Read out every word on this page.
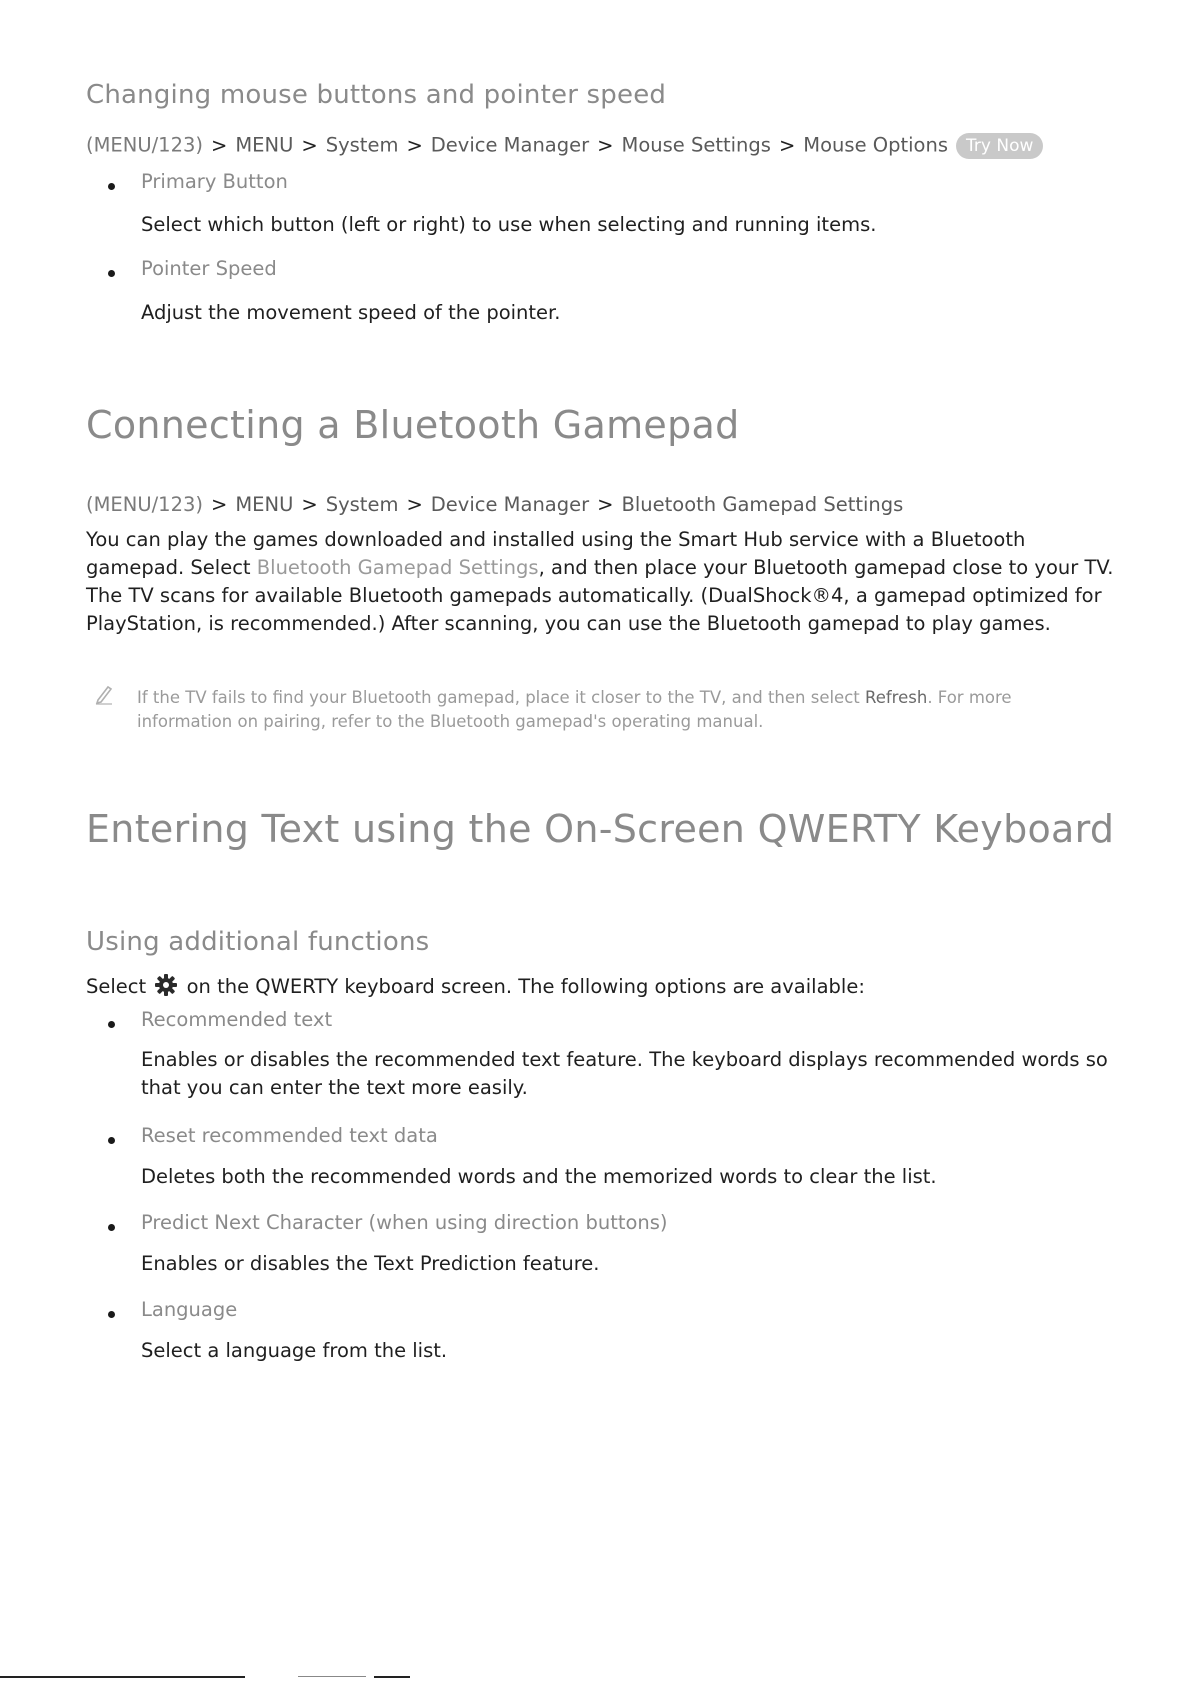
Changing mouse buttons and pointer speed
(MENU/123) > MENU > System > Device Manager > Mouse Settings > Mouse Options Try Now
Primary Button
Select which button (left or right) to use when selecting and running items.
Pointer Speed
Adjust the movement speed of the pointer.
Connecting a Bluetooth Gamepad
(MENU/123) > MENU > System > Device Manager > Bluetooth Gamepad Settings
You can play the games downloaded and installed using the Smart Hub service with a Bluetooth gamepad. Select Bluetooth Gamepad Settings, and then place your Bluetooth gamepad close to your TV. The TV scans for available Bluetooth gamepads automatically. (DualShock®4, a gamepad optimized for PlayStation, is recommended.) After scanning, you can use the Bluetooth gamepad to play games.
If the TV fails to find your Bluetooth gamepad, place it closer to the TV, and then select Refresh. For more information on pairing, refer to the Bluetooth gamepad's operating manual.
Entering Text using the On-Screen QWERTY Keyboard
Using additional functions
Select on the QWERTY keyboard screen. The following options are available:
Recommended text
Enables or disables the recommended text feature. The keyboard displays recommended words so that you can enter the text more easily.
Reset recommended text data
Deletes both the recommended words and the memorized words to clear the list.
Predict Next Character (when using direction buttons)
Enables or disables the Text Prediction feature.
Language
Select a language from the list.
